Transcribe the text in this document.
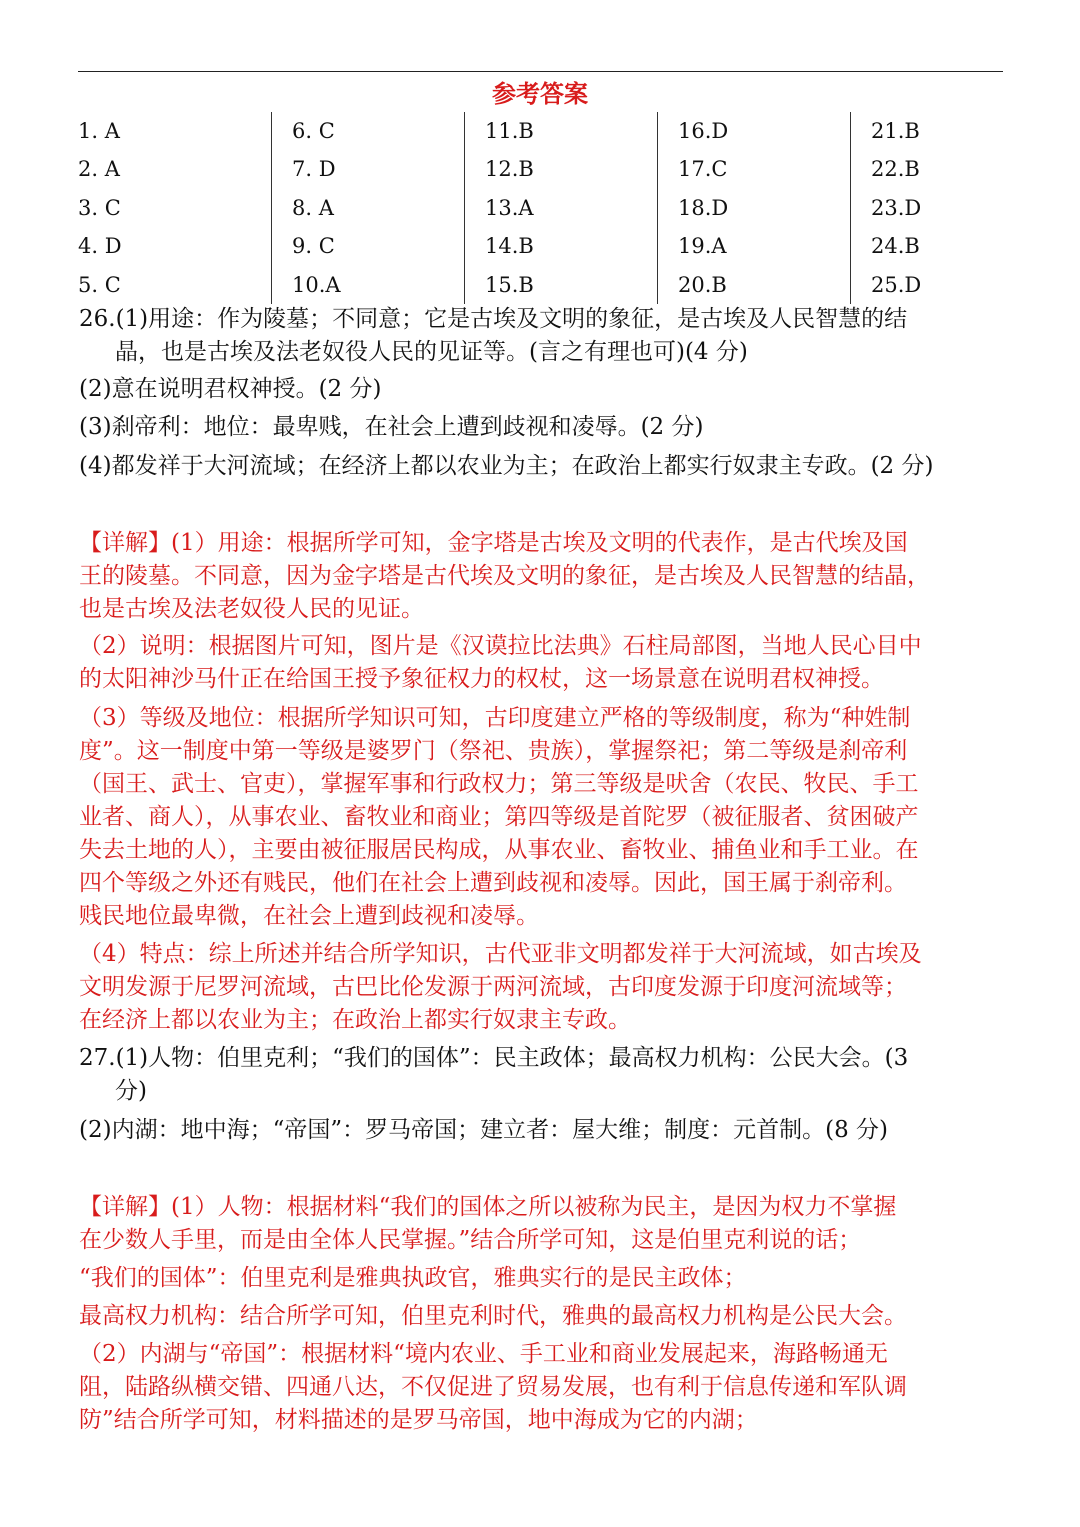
参考答案
1. A
2. A
3. C
4. D
5. C
6. C
7. D
8. A
9. C
10.A
11.B
12.B
13.A
14.B
15.B
16.D
17.C
18.D
19.A
20.B
21.B
22.B
23.D
24.B
25.D
26.(1)用途：作为陵墓；不同意；它是古埃及文明的象征，是古埃及人民智慧的结
晶，也是古埃及法老奴役人民的见证等。(言之有理也可)(4 分)
(2)意在说明君权神授。(2 分)
(3)刹帝利：地位：最卑贱，在社会上遭到歧视和凌辱。(2 分)
(4)都发祥于大河流域；在经济上都以农业为主；在政治上都实行奴隶主专政。(2 分)
【详解】(1）用途：根据所学可知，金字塔是古埃及文明的代表作，是古代埃及国
王的陵墓。不同意，因为金字塔是古代埃及文明的象征，是古埃及人民智慧的结晶，
也是古埃及法老奴役人民的见证。
（2）说明：根据图片可知，图片是《汉谟拉比法典》石柱局部图，当地人民心目中
的太阳神沙马什正在给国王授予象征权力的权杖，这一场景意在说明君权神授。
（3）等级及地位：根据所学知识可知，古印度建立严格的等级制度，称为“种姓制
度”。这一制度中第一等级是婆罗门（祭祀、贵族），掌握祭祀；第二等级是刹帝利
（国王、武士、官吏），掌握军事和行政权力；第三等级是吠舍（农民、牧民、手工
业者、商人），从事农业、畜牧业和商业；第四等级是首陀罗（被征服者、贫困破产
失去土地的人），主要由被征服居民构成，从事农业、畜牧业、捕鱼业和手工业。在
四个等级之外还有贱民，他们在社会上遭到歧视和凌辱。因此，国王属于刹帝利。
贱民地位最卑微，在社会上遭到歧视和凌辱。
（4）特点：综上所述并结合所学知识，古代亚非文明都发祥于大河流域，如古埃及
文明发源于尼罗河流域，古巴比伦发源于两河流域，古印度发源于印度河流域等；
在经济上都以农业为主；在政治上都实行奴隶主专政。
27.(1)人物：伯里克利；“我们的国体”：民主政体；最高权力机构：公民大会。(3
分)
(2)内湖：地中海；“帝国”：罗马帝国；建立者：屋大维；制度：元首制。(8 分)
【详解】(1）人物：根据材料“我们的国体之所以被称为民主，是因为权力不掌握
在少数人手里，而是由全体人民掌握。”结合所学可知，这是伯里克利说的话；
“我们的国体”：伯里克利是雅典执政官，雅典实行的是民主政体；
最高权力机构：结合所学可知，伯里克利时代，雅典的最高权力机构是公民大会。
（2）内湖与“帝国”：根据材料“境内农业、手工业和商业发展起来，海路畅通无
阻，陆路纵横交错、四通八达，不仅促进了贸易发展，也有利于信息传递和军队调
防”结合所学可知，材料描述的是罗马帝国，地中海成为它的内湖；
